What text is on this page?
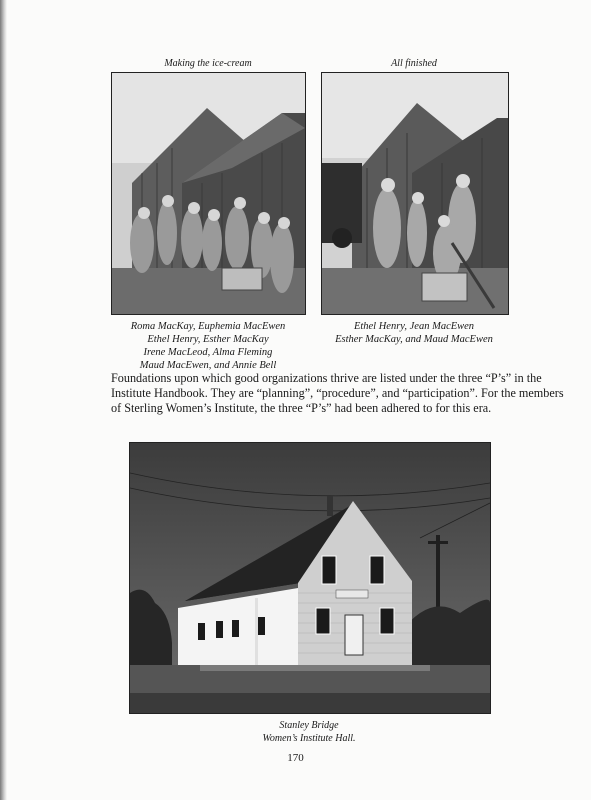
Making the ice-cream	All finished
Roma MacKay, Euphemia MacEwen
Ethel Henry, Esther MacKay
Irene MacLeod, Alma Fleming
Maud MacEwen, and Annie Bell
Ethel Henry, Jean MacEwen
Esther MacKay, and Maud MacEwen
Foundations upon which good organizations thrive are listed under the three “P’s” in the
Institute Handbook. They are “planning”, “procedure”, and “participation”. For the members
of Sterling Women’s Institute, the three “P’s” had been adhered to for this era.
Stanley Bridge
Women’s Institute Hall.
170
